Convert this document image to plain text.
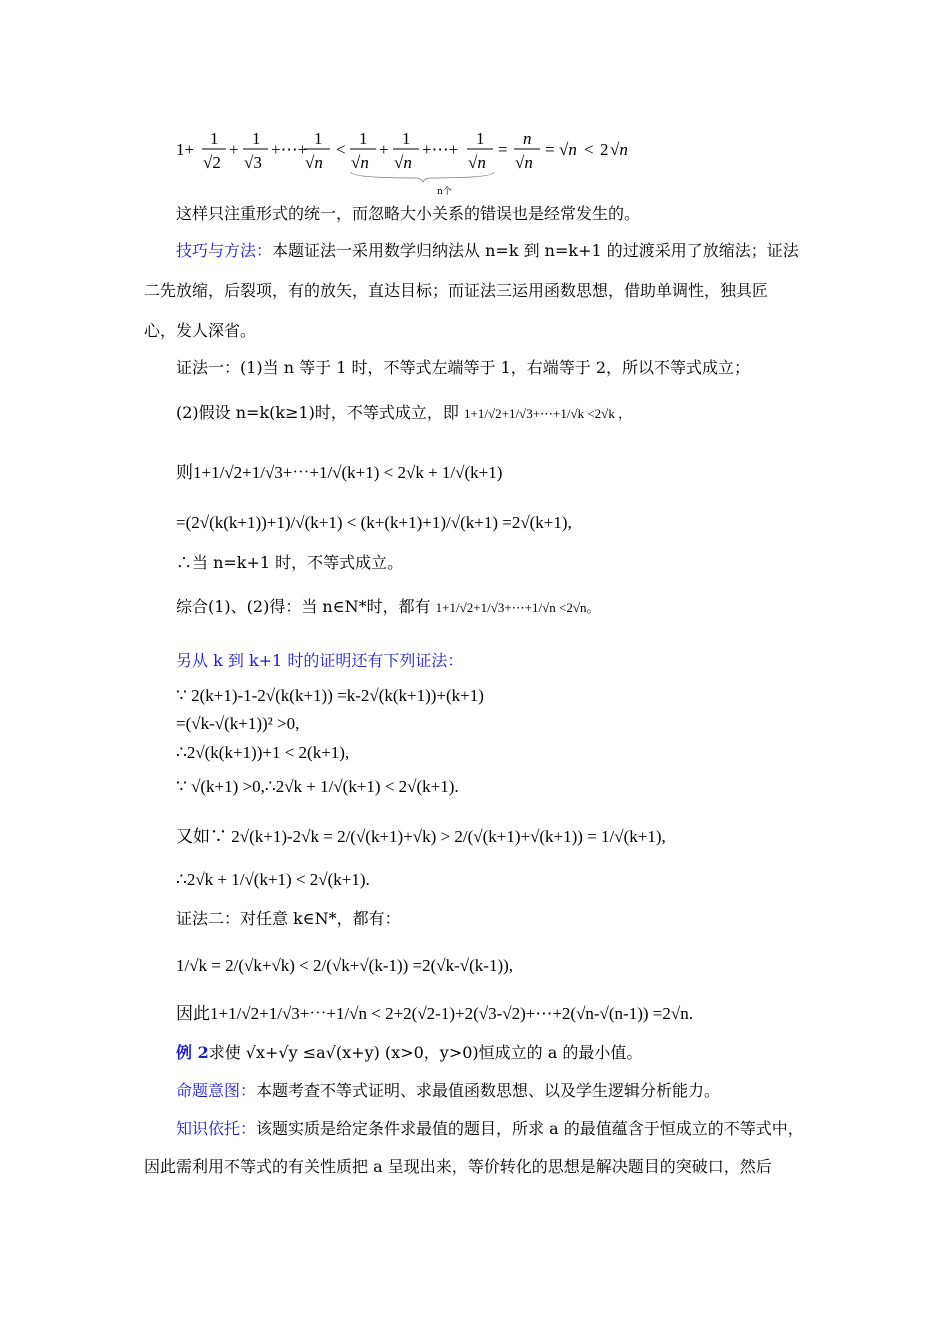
1+
1
√2
+
1
√3
+⋯+
1
√n
<
1
√n
+
1
√n
+⋯+
1
√n
=
n
√n
= √n < 2 √n
n个
这样只注重形式的统一，而忽略大小关系的错误也是经常发生的。
技巧与方法：本题证法一采用数学归纳法从 n=k 到 n=k+1 的过渡采用了放缩法；证法
二先放缩，后裂项，有的放矢，直达目标；而证法三运用函数思想，借助单调性，独具匠
心，发人深省。
证法一：(1)当 n 等于 1 时，不等式左端等于 1，右端等于 2，所以不等式成立；
(2)假设 n=k(k≥1)时，不等式成立，即 1+1/√2+1/√3+⋯+1/√k <2√k ，
则1+1/√2+1/√3+⋯+1/√(k+1) < 2√k + 1/√(k+1)
=(2√(k(k+1))+1)/√(k+1) < (k+(k+1)+1)/√(k+1) =2√(k+1),
∴当 n=k+1 时，不等式成立。
综合(1)、(2)得：当 n∈N*时，都有 1+1/√2+1/√3+⋯+1/√n <2√n。
另从 k 到 k+1 时的证明还有下列证法：
∵ 2(k+1)-1-2√(k(k+1)) =k-2√(k(k+1))+(k+1)
=(√k-√(k+1))² >0,
∴2√(k(k+1))+1 < 2(k+1),
∵ √(k+1) >0,∴2√k + 1/√(k+1) < 2√(k+1).
又如∵ 2√(k+1)-2√k = 2/(√(k+1)+√k) > 2/(√(k+1)+√(k+1)) = 1/√(k+1),
∴2√k + 1/√(k+1) < 2√(k+1).
证法二：对任意 k∈N*，都有：
1/√k = 2/(√k+√k) < 2/(√k+√(k-1)) =2(√k-√(k-1)),
因此1+1/√2+1/√3+⋯+1/√n < 2+2(√2-1)+2(√3-√2)+⋯+2(√n-√(n-1)) =2√n.
例 2求使 √x+√y ≤a√(x+y) (x>0，y>0)恒成立的 a 的最小值。
命题意图：本题考查不等式证明、求最值函数思想、以及学生逻辑分析能力。
知识依托：该题实质是给定条件求最值的题目，所求 a 的最值蕴含于恒成立的不等式中，
因此需利用不等式的有关性质把 a 呈现出来，等价转化的思想是解决题目的突破口，然后
